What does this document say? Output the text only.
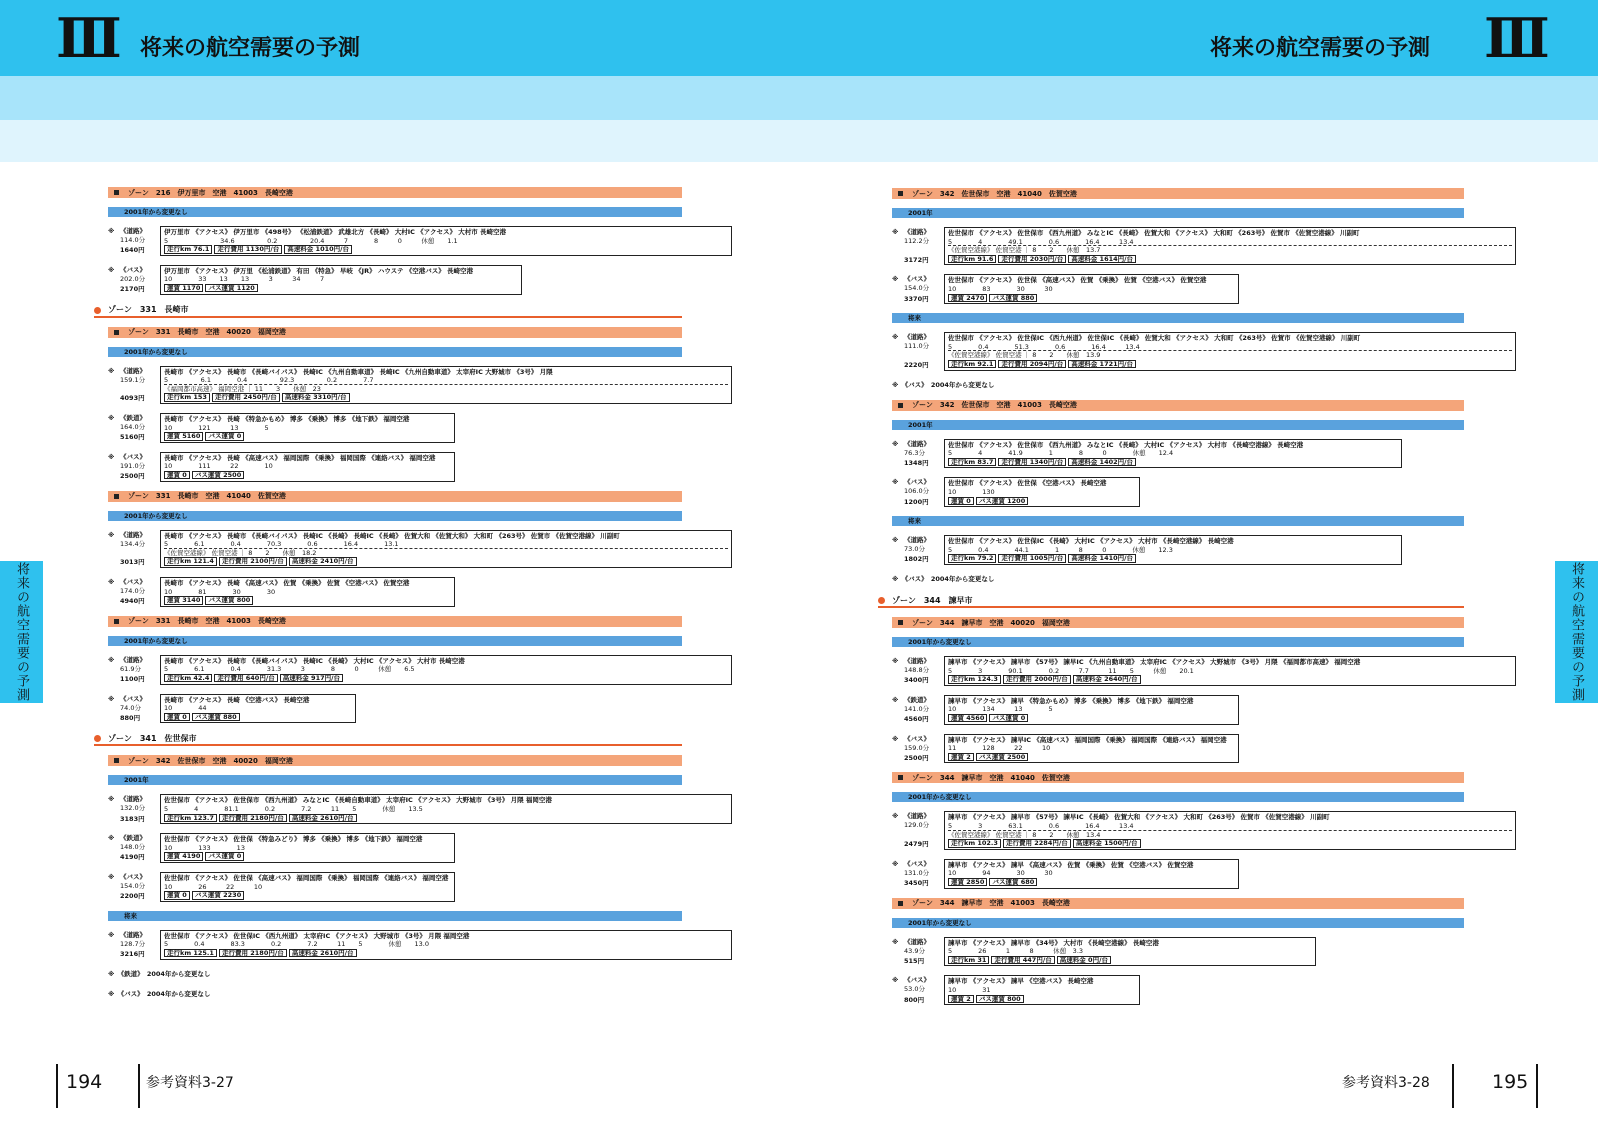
Ⅲ 将来の航空需要の予測	将来の航空需要の予測 Ⅲ
将来の航空需要の予測	将来の航空需要の予測
ゾーン　216　伊万里市　空港　41003　長崎空港
2001年から変更なし
※ 《道路》
114.0分
1640円
伊万里市 《アクセス》 伊万里市 《498号》 《松浦鉄道》 武雄北方 《長崎》 大村IC 《アクセス》 大村市 長崎空港
5　　　　　　　　34.6　　　　　0.2　　　　　20.4　　　7　　　　8　　　0　　　休憩　　1.1
走行km 76.1 走行費用 1130円/台 高速料金 1010円/台
※ 《バス》
202.0分
2170円
伊万里市 《アクセス》 伊万里 《松浦鉄道》 有田 《特急》 早岐 《JR》 ハウステ 《空港バス》 長崎空港
10　　　　33　　13　　13　　　3　　　34　　　7
運賃 1170 バス運賃 1120
ゾーン　331　長崎市
ゾーン　331　長崎市　空港　40020　福岡空港
2001年から変更なし
※ 《道路》
159.1分
4093円
長崎市 《アクセス》 長崎市 《長崎バイパス》 長崎IC 《九州自動車道》 長崎IC 《九州自動車道》 太宰府IC 大野城市 《3号》 月隈
5　　　　　6.1　　　　0.4　　　　　92.3　　　　　0.2　　　　7.7
《福岡都市高速》 福岡空港 ｜ 11　　3　　休憩　23
走行km 153 走行費用 2450円/台 高速料金 3310円/台
※ 《鉄道》
164.0分
5160円
長崎市 《アクセス》 長崎 《特急かもめ》 博多 《乗換》 博多 《地下鉄》 福岡空港
10　　　　121　　　13　　　　5
運賃 5160 バス運賃 0
※ 《バス》
191.0分
2500円
長崎市 《アクセス》 長崎 《高速バス》 福岡国際 《乗換》 福岡国際 《連絡バス》 福岡空港
10　　　　111　　　22　　　　10
運賃 0 バス運賃 2500
ゾーン　331　長崎市　空港　41040　佐賀空港
2001年から変更なし
※ 《道路》
134.4分
3013円
長崎市 《アクセス》 長崎市 《長崎バイパス》 長崎IC 《長崎》 長崎IC 《長崎》 佐賀大和 《佐賀大和》 大和町 《263号》 佐賀市 《佐賀空港線》 川副町
5　　　　6.1　　　　0.4　　　　70.3　　　　0.6　　　　16.4　　　　13.1
《佐賀空港線》 佐賀空港 ｜ 8　　2　　休憩　18.2
走行km 121.4 走行費用 2100円/台 高速料金 2410円/台
※ 《バス》
174.0分
4940円
長崎市 《アクセス》 長崎 《高速バス》 佐賀 《乗換》 佐賀 《空港バス》 佐賀空港
10　　　　81　　　　30　　　　30
運賃 3140 バス運賃 800
ゾーン　331　長崎市　空港　41003　長崎空港
2001年から変更なし
※ 《道路》
61.9分
1100円
長崎市 《アクセス》 長崎市 《長崎バイパス》 長崎IC 《長崎》 大村IC 《アクセス》 大村市 長崎空港
5　　　　6.1　　　　0.4　　　　31.3　　　3　　　　8　　　0　　　休憩　　6.5
走行km 42.4 走行費用 640円/台 高速料金 917円/台
※ 《バス》
74.0分
880円
長崎市 《アクセス》 長崎 《空港バス》 長崎空港
10　　　　44
運賃 0 バス運賃 880
ゾーン　341　佐世保市
ゾーン　342　佐世保市　空港　40020　福岡空港
2001年
※ 《道路》
132.0分
3183円
佐世保市 《アクセス》 佐世保市 《西九州道》 みなとIC 《長崎自動車道》 太宰府IC 《アクセス》 大野城市 《3号》 月隈 福岡空港
5　　　　4　　　　81.1　　　　0.2　　　　7.2　　　11　　5　　　　休憩　　13.5
走行km 123.7 走行費用 2180円/台 高速料金 2610円/台
※ 《鉄道》
148.0分
4190円
佐世保市 《アクセス》 佐世保 《特急みどり》 博多 《乗換》 博多 《地下鉄》 福岡空港
10　　　　133　　　　13
運賃 4190 バス運賃 0
※ 《バス》
154.0分
2200円
佐世保市 《アクセス》 佐世保 《高速バス》 福岡国際 《乗換》 福岡国際 《連絡バス》 福岡空港
10　　　　26　　　22　　　10
運賃 0 バス運賃 2230
将来
※ 《道路》
128.7分
3216円
佐世保市 《アクセス》 佐世保IC 《西九州道》 太宰府IC 《アクセス》 大野城市 《3号》 月隈 福岡空港
5　　　　0.4　　　　83.3　　　　0.2　　　　7.2　　　11　　5　　　　休憩　　13.0
走行km 125.1 走行費用 2180円/台 高速料金 2610円/台
※　《鉄道》　2004年から変更なし
※　《バス》　2004年から変更なし
ゾーン　342　佐世保市　空港　41040　佐賀空港
2001年
※ 《道路》
112.2分
3172円
佐世保市 《アクセス》 佐世保市 《西九州道》 みなとIC 《長崎》 佐賀大和 《アクセス》 大和町 《263号》 佐賀市 《佐賀空港線》 川副町
5　　　　4　　　　49.1　　　　0.6　　　　16.4　　　13.4
《佐賀空港線》 佐賀空港 ｜ 8　　2　　休憩　13.7
走行km 91.6 走行費用 2030円/台 高速料金 1614円/台
※ 《バス》
154.0分
3370円
佐世保市 《アクセス》 佐世保 《高速バス》 佐賀 《乗換》 佐賀 《空港バス》 佐賀空港
10　　　　83　　　　30　　　30
運賃 2470 バス運賃 880
将来
※ 《道路》
111.0分
2220円
佐世保市 《アクセス》 佐世保IC 《西九州道》 佐世保IC 《長崎》 佐賀大和 《アクセス》 大和町 《263号》 佐賀市 《佐賀空港線》 川副町
5　　　　0.4　　　　51.3　　　　0.6　　　　16.4　　　13.4
《佐賀空港線》 佐賀空港 ｜ 8　　2　　休憩　13.9
走行km 92.1 走行費用 2094円/台 高速料金 1721円/台
※　《バス》　2004年から変更なし
ゾーン　342　佐世保市　空港　41003　長崎空港
2001年
※ 《道路》
76.3分
1348円
佐世保市 《アクセス》 佐世保市 《西九州道》 みなとIC 《長崎》 大村IC 《アクセス》 大村市 《長崎空港線》 長崎空港
5　　　　4　　　　41.9　　　　1　　　　8　　　0　　　　休憩　　12.4
走行km 83.7 走行費用 1340円/台 高速料金 1402円/台
※ 《バス》
106.0分
1200円
佐世保市 《アクセス》 佐世保 《空港バス》 長崎空港
10　　　　130
運賃 0 バス運賃 1200
将来
※ 《道路》
73.0分
1802円
佐世保市 《アクセス》 佐世保IC 《長崎》 大村IC 《アクセス》 大村市 《長崎空港線》 長崎空港
5　　　　0.4　　　　44.1　　　　1　　　8　　　0　　　　休憩　　12.3
走行km 79.2 走行費用 1005円/台 高速料金 1410円/台
※　《バス》　2004年から変更なし
ゾーン　344　諫早市
ゾーン　344　諫早市　空港　40020　福岡空港
2001年から変更なし
※ 《道路》
148.8分
3400円
諫早市 《アクセス》 諫早市 《57号》 諫早IC 《九州自動車道》 太宰府IC 《アクセス》 大野城市 《3号》 月隈 《福岡都市高速》 福岡空港
5　　　　3　　　　90.1　　　　0.2　　　7.7　　　11　　5　　　休憩　　20.1
走行km 124.3 走行費用 2000円/台 高速料金 2640円/台
※ 《鉄道》
141.0分
4560円
諫早市 《アクセス》 諫早 《特急かもめ》 博多 《乗換》 博多 《地下鉄》 福岡空港
10　　　　134　　　13　　　　5
運賃 4560 バス運賃 0
※ 《バス》
159.0分
2500円
諫早市 《アクセス》 諫早IC 《高速バス》 福岡国際 《乗換》 福岡国際 《連絡バス》 福岡空港
11　　　　128　　　22　　　10
運賃 2 バス運賃 2500
ゾーン　344　諫早市　空港　41040　佐賀空港
2001年から変更なし
※ 《道路》
129.0分
2479円
諫早市 《アクセス》 諫早市 《57号》 諫早IC 《長崎》 佐賀大和 《アクセス》 大和町 《263号》 佐賀市 《佐賀空港線》 川副町
5　　　　3　　　　63.1　　　　0.6　　　　16.4　　　13.4
《佐賀空港線》 佐賀空港 ｜ 8　　2　　休憩　13.4
走行km 102.3 走行費用 2284円/台 高速料金 1500円/台
※ 《バス》
131.0分
3450円
諫早市 《アクセス》 諫早 《高速バス》 佐賀 《乗換》 佐賀 《空港バス》 佐賀空港
10　　　　94　　　　30　　　30
運賃 2850 バス運賃 680
ゾーン　344　諫早市　空港　41003　長崎空港
2001年から変更なし
※ 《道路》
43.9分
515円
諫早市 《アクセス》 諫早市 《34号》 大村市 《長崎空港線》 長崎空港
5　　　　26　　　1　　　8　　　休憩　3.3
走行km 31 走行費用 447円/台 高速料金 0円/台
※ 《バス》
53.0分
800円
諫早市 《アクセス》 諫早 《空港バス》 長崎空港
10　　　　31
運賃 2 バス運賃 800
194	参考資料3-27	参考資料3-28	195
